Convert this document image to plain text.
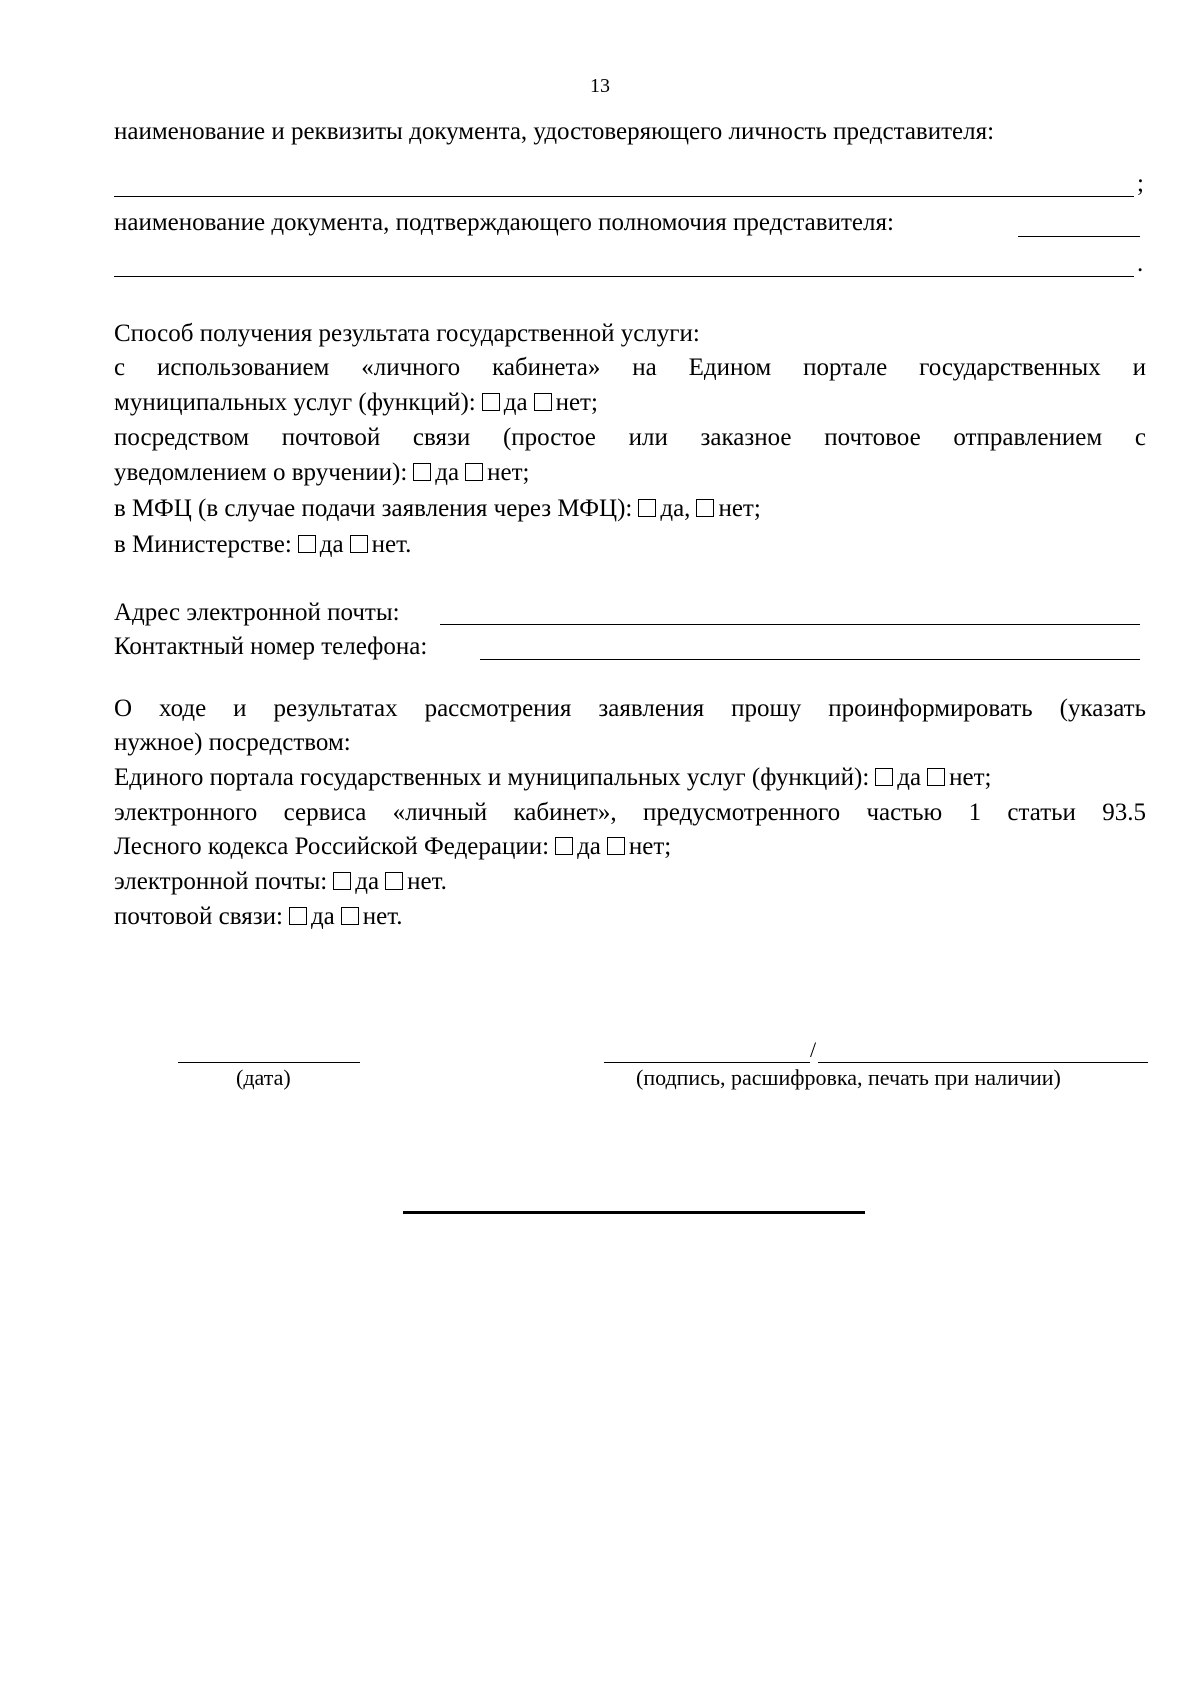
13
наименование и реквизиты документа, удостоверяющего личность представителя:
;
наименование документа, подтверждающего полномочия представителя:
.
Способ получения результата государственной услуги:
с использованием «личного кабинета» на Едином портале государственных и
муниципальных услуг (функций): да нет;
посредством почтовой связи (простое или заказное почтовое отправлением с
уведомлением о вручении): да нет;
в МФЦ (в случае подачи заявления через МФЦ): да, нет;
в Министерстве: да нет.
Адрес электронной почты:
Контактный номер телефона:
О ходе и результатах рассмотрения заявления прошу проинформировать (указать
нужное) посредством:
Единого портала государственных и муниципальных услуг (функций): да нет;
электронного сервиса «личный кабинет», предусмотренного частью 1 статьи 93.5
Лесного кодекса Российской Федерации: да нет;
электронной почты: да нет.
почтовой связи: да нет.
/
(дата)	(подпись, расшифровка, печать при наличии)
